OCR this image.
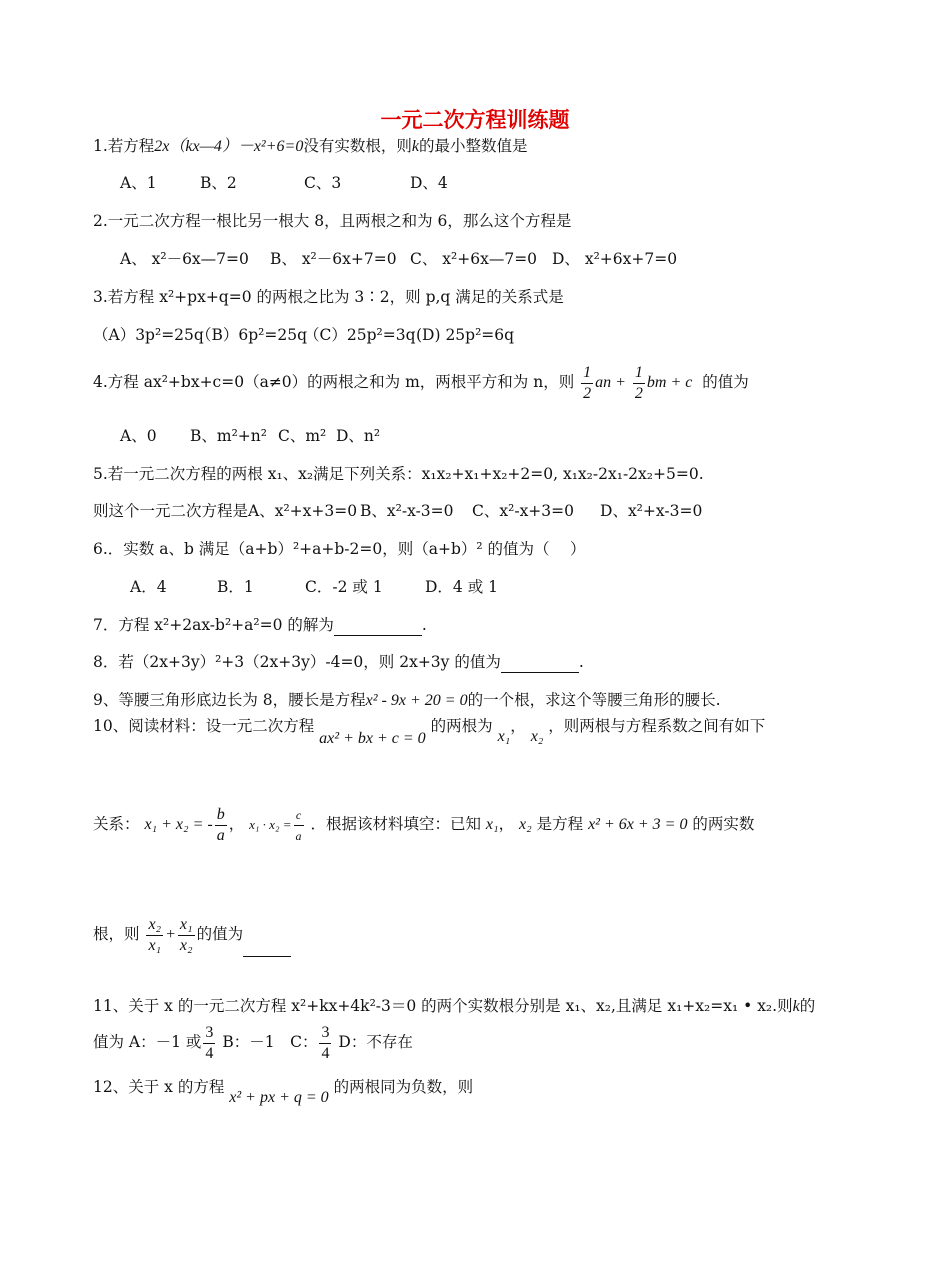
一元二次方程训练题
1.若方程2x（kx—4）－x²+6=0没有实数根，则k的最小整数值是
A、1	B、2	C、3	D、4
2.一元二次方程一根比另一根大 8，且两根之和为 6，那么这个方程是
A、 x²－6x—7=0 B、 x²－6x+7=0 C、 x²+6x—7=0 D、 x²+6x+7=0
3.若方程 x²+px+q=0 的两根之比为 3∶2，则 p,q 满足的关系式是
（A）3p²=25q（B）6p²=25q（C）25p²=3q(D) 25p²=6q
4.方程 ax²+bx+c=0（a≠0）的两根之和为 m，两根平方和为 n，则 $\frac{1}{2}$ an + $\frac{1}{2}$ bm + c 的值为
A、0 B、m²+n² C、m² D、n²
5.若一元二次方程的两根 x₁、x₂满足下列关系：x₁x₂+x₁+x₂+2=0, x₁x₂-2x₁-2x₂+5=0.
则这个一元二次方程是A、x²+x+3=0 B、x²-x-3=0 C、x²-x+3=0 D、x²+x-3=0
6.．实数 a、b 满足（a+b）²+a+b-2=0，则（a+b）² 的值为（　 ）
A．4	B．1	C．-2 或 1	D．4 或 1
7．方程 x²+2ax-b²+a²=0 的解为	.
8．若（2x+3y）²+3（2x+3y）-4=0，则 2x+3y 的值为	.
9、等腰三角形底边长为 8，腰长是方程x² - 9x + 20 = 0的一个根，求这个等腰三角形的腰长.
10、阅读材料：设一元二次方程 ax² + bx + c = 0 的两根为 x₁， x₂ ，则两根与方程系数之间有如下
关系： x₁ + x₂ = - $\frac{b}{a}$ ， $x_1 \cdot x_2 = \frac{c}{a}$ ．根据该材料填空：已知 x₁， x₂ 是方程 x² + 6x + 3 = 0 的两实数
根，则 $\frac{\text{x₂}}{\text{x₁}} + \frac{\text{x₁}}{\text{x₂}}$ 的值为
11、关于 x 的一元二次方程 x²+kx+4k²-3＝0 的两个实数根分别是 x₁、x₂,且满足 x₁+x₂=x₁ • x₂.则k的
值为 A：－1 或 $\frac{3}{4}$ B：－1　C： $\frac{3}{4}$ D：不存在
12、关于 x 的方程 x² + px + q = 0 的两根同为负数，则
